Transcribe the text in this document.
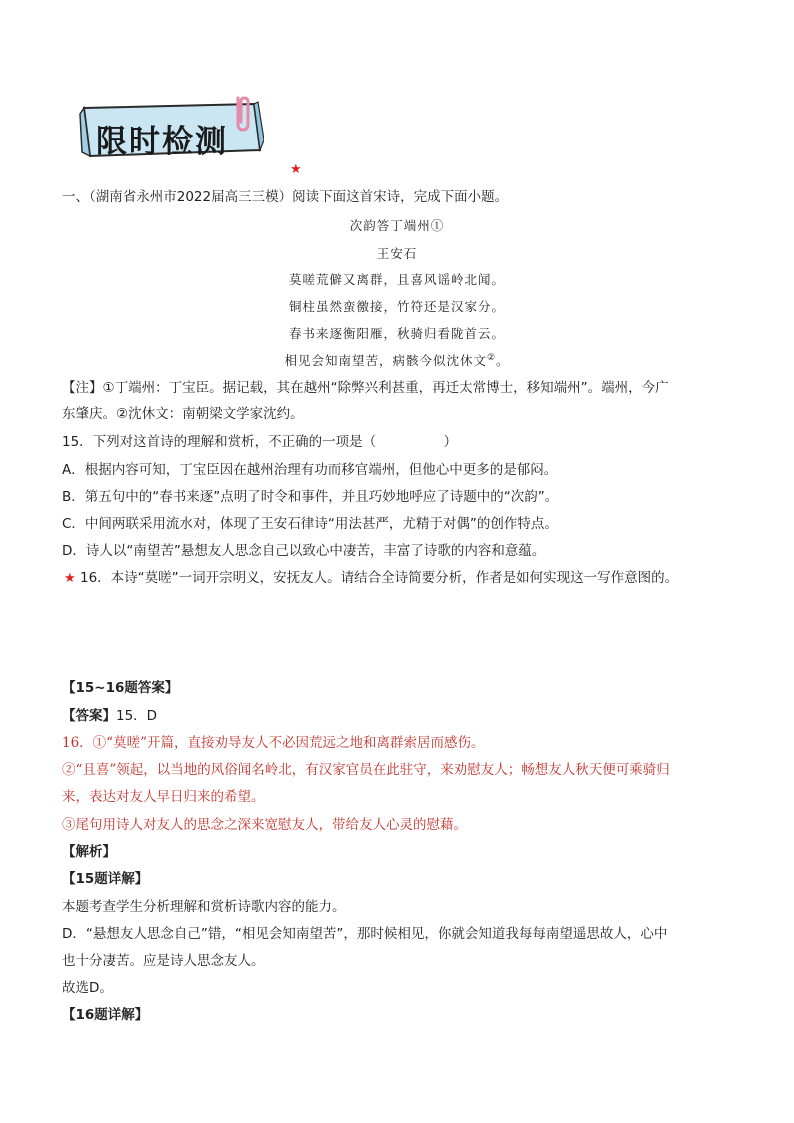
限时检测
★
一、（湖南省永州市2022届高三三模）阅读下面这首宋诗，完成下面小题。
次韵答丁端州①
王安石
莫嗟荒僻又离群，且喜风谣岭北闻。
铜柱虽然蛮徼接，竹符还是汉家分。
春书来逐衡阳雁，秋骑归看陇首云。
相见会知南望苦，病骸今似沈休文②。
【注】①丁端州：丁宝臣。据记载，其在越州“除弊兴利甚重，再迁太常博士，移知端州”。端州，今广
东肇庆。②沈休文：南朝梁文学家沈约。
15．下列对这首诗的理解和赏析，不正确的一项是（　　　　　）
A．根据内容可知，丁宝臣因在越州治理有功而移官端州，但他心中更多的是郁闷。
B．第五句中的“春书来逐”点明了时令和事件，并且巧妙地呼应了诗题中的“次韵”。
C．中间两联采用流水对，体现了王安石律诗“用法甚严，尤精于对偶”的创作特点。
D．诗人以“南望苦”悬想友人思念自己以致心中凄苦，丰富了诗歌的内容和意蕴。
★ 16．本诗“莫嗟”一词开宗明义，安抚友人。请结合全诗简要分析，作者是如何实现这一写作意图的。
【15~16题答案】
【答案】15．D
16．①“莫嗟”开篇，直接劝导友人不必因荒远之地和离群索居而感伤。
②“且喜”领起，以当地的风俗闻名岭北，有汉家官员在此驻守，来劝慰友人；畅想友人秋天便可乘骑归
来，表达对友人早日归来的希望。
③尾句用诗人对友人的思念之深来宽慰友人，带给友人心灵的慰藉。
【解析】
【15题详解】
本题考查学生分析理解和赏析诗歌内容的能力。
D．“悬想友人思念自己”错，“相见会知南望苦”，那时候相见，你就会知道我每每南望遥思故人，心中
也十分凄苦。应是诗人思念友人。
故选D。
【16题详解】
